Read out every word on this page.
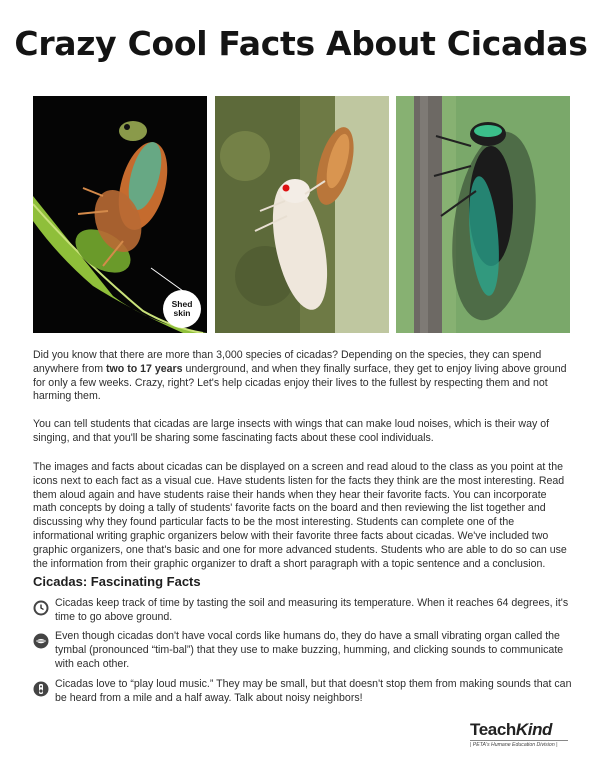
Crazy Cool Facts About Cicadas
Shed
skin

Did you know that there are more than 3,000 species of cicadas? Depending on the species, they can spend anywhere from two to 17 years underground, and when they finally surface, they get to enjoy living above ground for only a few weeks. Crazy, right? Let's help cicadas enjoy their lives to the fullest by respecting them and not harming them.

You can tell students that cicadas are large insects with wings that can make loud noises, which is their way of singing, and that you'll be sharing some fascinating facts about these cool individuals.

The images and facts about cicadas can be displayed on a screen and read aloud to the class as you point at the icons next to each fact as a visual cue. Have students listen for the facts they think are the most interesting. Read them aloud again and have students raise their hands when they hear their favorite facts. You can incorporate math concepts by doing a tally of students' favorite facts on the board and then reviewing the list together and discussing why they found particular facts to be the most interesting. Students can complete one of the informational writing graphic organizers below with their favorite three facts about cicadas. We've included two graphic organizers, one that's basic and one for more advanced students. Students who are able to do so can use the information from their graphic organizer to draft a short paragraph with a topic sentence and a conclusion.

Cicadas: Fascinating Facts
Cicadas keep track of time by tasting the soil and measuring its temperature. When it reaches 64 degrees, it's time to go above ground.
Even though cicadas don't have vocal cords like humans do, they do have a small vibrating organ called the tymbal (pronounced “tim-bal”) that they use to make buzzing, humming, and clicking sounds to communicate with each other.
Cicadas love to “play loud music.” They may be small, but that doesn't stop them from making sounds that can be heard from a mile and a half away. Talk about noisy neighbors!
TeachKind
| PETA's Humane Education Division |
